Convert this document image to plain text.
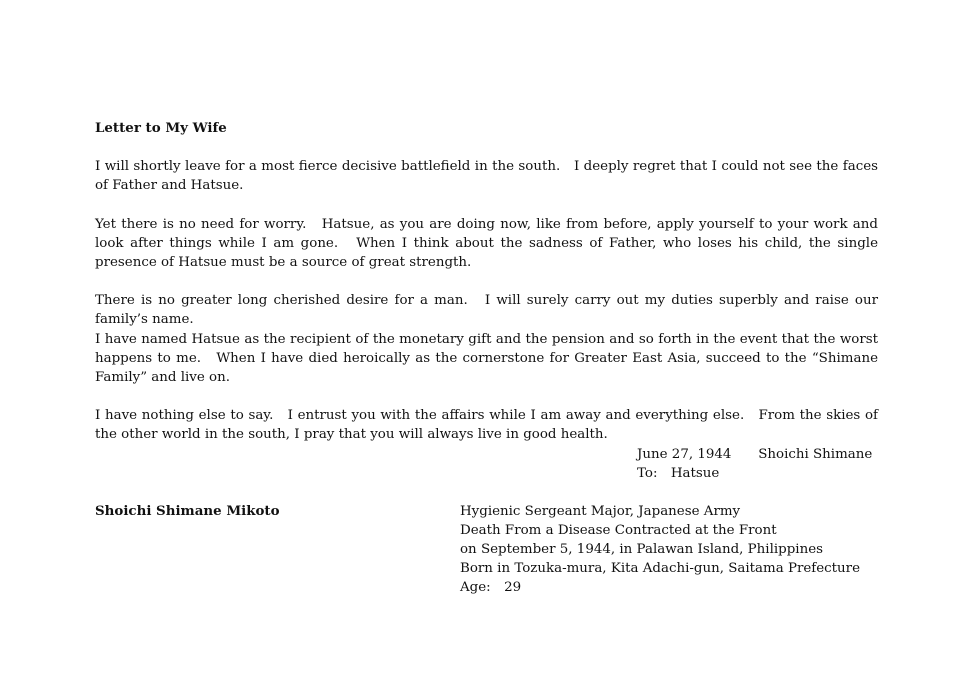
Letter to My Wife
I will shortly leave for a most fierce decisive battlefield in the south.　I deeply regret that I could not see the faces of Father and Hatsue.
Yet there is no need for worry.　Hatsue, as you are doing now, like from before, apply yourself to your work and look after things while I am gone.　When I think about the sadness of Father, who loses his child, the single presence of Hatsue must be a source of great strength.
There is no greater long cherished desire for a man.　I will surely carry out my duties superbly and raise our family’s name.
I have named Hatsue as the recipient of the monetary gift and the pension and so forth in the event that the worst happens to me.　When I have died heroically as the cornerstone for Greater East Asia, succeed to the “Shimane Family” and live on.
I have nothing else to say.　I entrust you with the affairs while I am away and everything else.　From the skies of the other world in the south, I pray that you will always live in good health.
June 27, 1944　　Shoichi Shimane
To:　Hatsue
Shoichi Shimane Mikoto	Hygienic Sergeant Major, Japanese Army
Death From a Disease Contracted at the Front
on September 5, 1944, in Palawan Island, Philippines
Born in Tozuka-mura, Kita Adachi-gun, Saitama Prefecture
Age:　29
